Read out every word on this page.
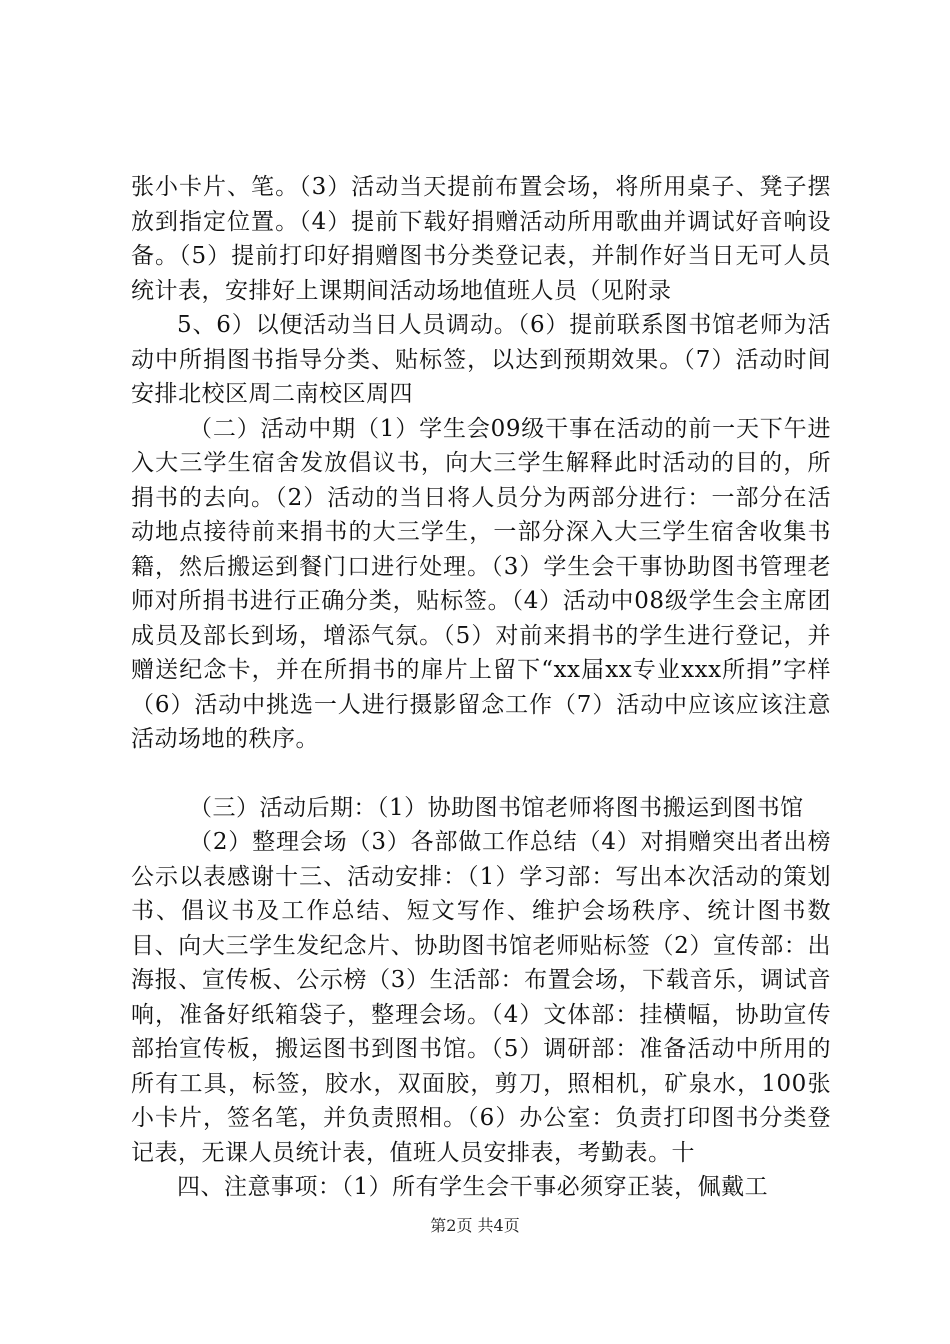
张小卡片、笔。（3）活动当天提前布置会场，将所用桌子、凳子摆放到指定位置。（4）提前下载好捐赠活动所用歌曲并调试好音响设备。（5）提前打印好捐赠图书分类登记表，并制作好当日无可人员统计表，安排好上课期间活动场地值班人员（见附录

5、6）以便活动当日人员调动。（6）提前联系图书馆老师为活动中所捐图书指导分类、贴标签，以达到预期效果。（7）活动时间安排北校区周二南校区周四

（二）活动中期（1）学生会09级干事在活动的前一天下午进入大三学生宿舍发放倡议书，向大三学生解释此时活动的目的，所捐书的去向。（2）活动的当日将人员分为两部分进行：一部分在活动地点接待前来捐书的大三学生，一部分深入大三学生宿舍收集书籍，然后搬运到餐门口进行处理。（3）学生会干事协助图书管理老师对所捐书进行正确分类，贴标签。（4）活动中08级学生会主席团成员及部长到场，增添气氛。（5）对前来捐书的学生进行登记，并赠送纪念卡，并在所捐书的扉片上留下“xx届xx专业xxx所捐”字样（6）活动中挑选一人进行摄影留念工作（7）活动中应该应该注意活动场地的秩序。

（三）活动后期：（1）协助图书馆老师将图书搬运到图书馆

（2）整理会场（3）各部做工作总结（4）对捐赠突出者出榜公示以表感谢十三、活动安排：（1）学习部：写出本次活动的策划书、倡议书及工作总结、短文写作、维护会场秩序、统计图书数目、向大三学生发纪念片、协助图书馆老师贴标签（2）宣传部：出海报、宣传板、公示榜（3）生活部：布置会场，下载音乐，调试音响，准备好纸箱袋子，整理会场。（4）文体部：挂横幅，协助宣传部抬宣传板，搬运图书到图书馆。（5）调研部：准备活动中所用的所有工具，标签，胶水，双面胶，剪刀，照相机，矿泉水，100张小卡片，签名笔，并负责照相。（6）办公室：负责打印图书分类登记表，无课人员统计表，值班人员安排表，考勤表。十

四、注意事项：（1）所有学生会干事必须穿正装，佩戴工

第2页 共4页
